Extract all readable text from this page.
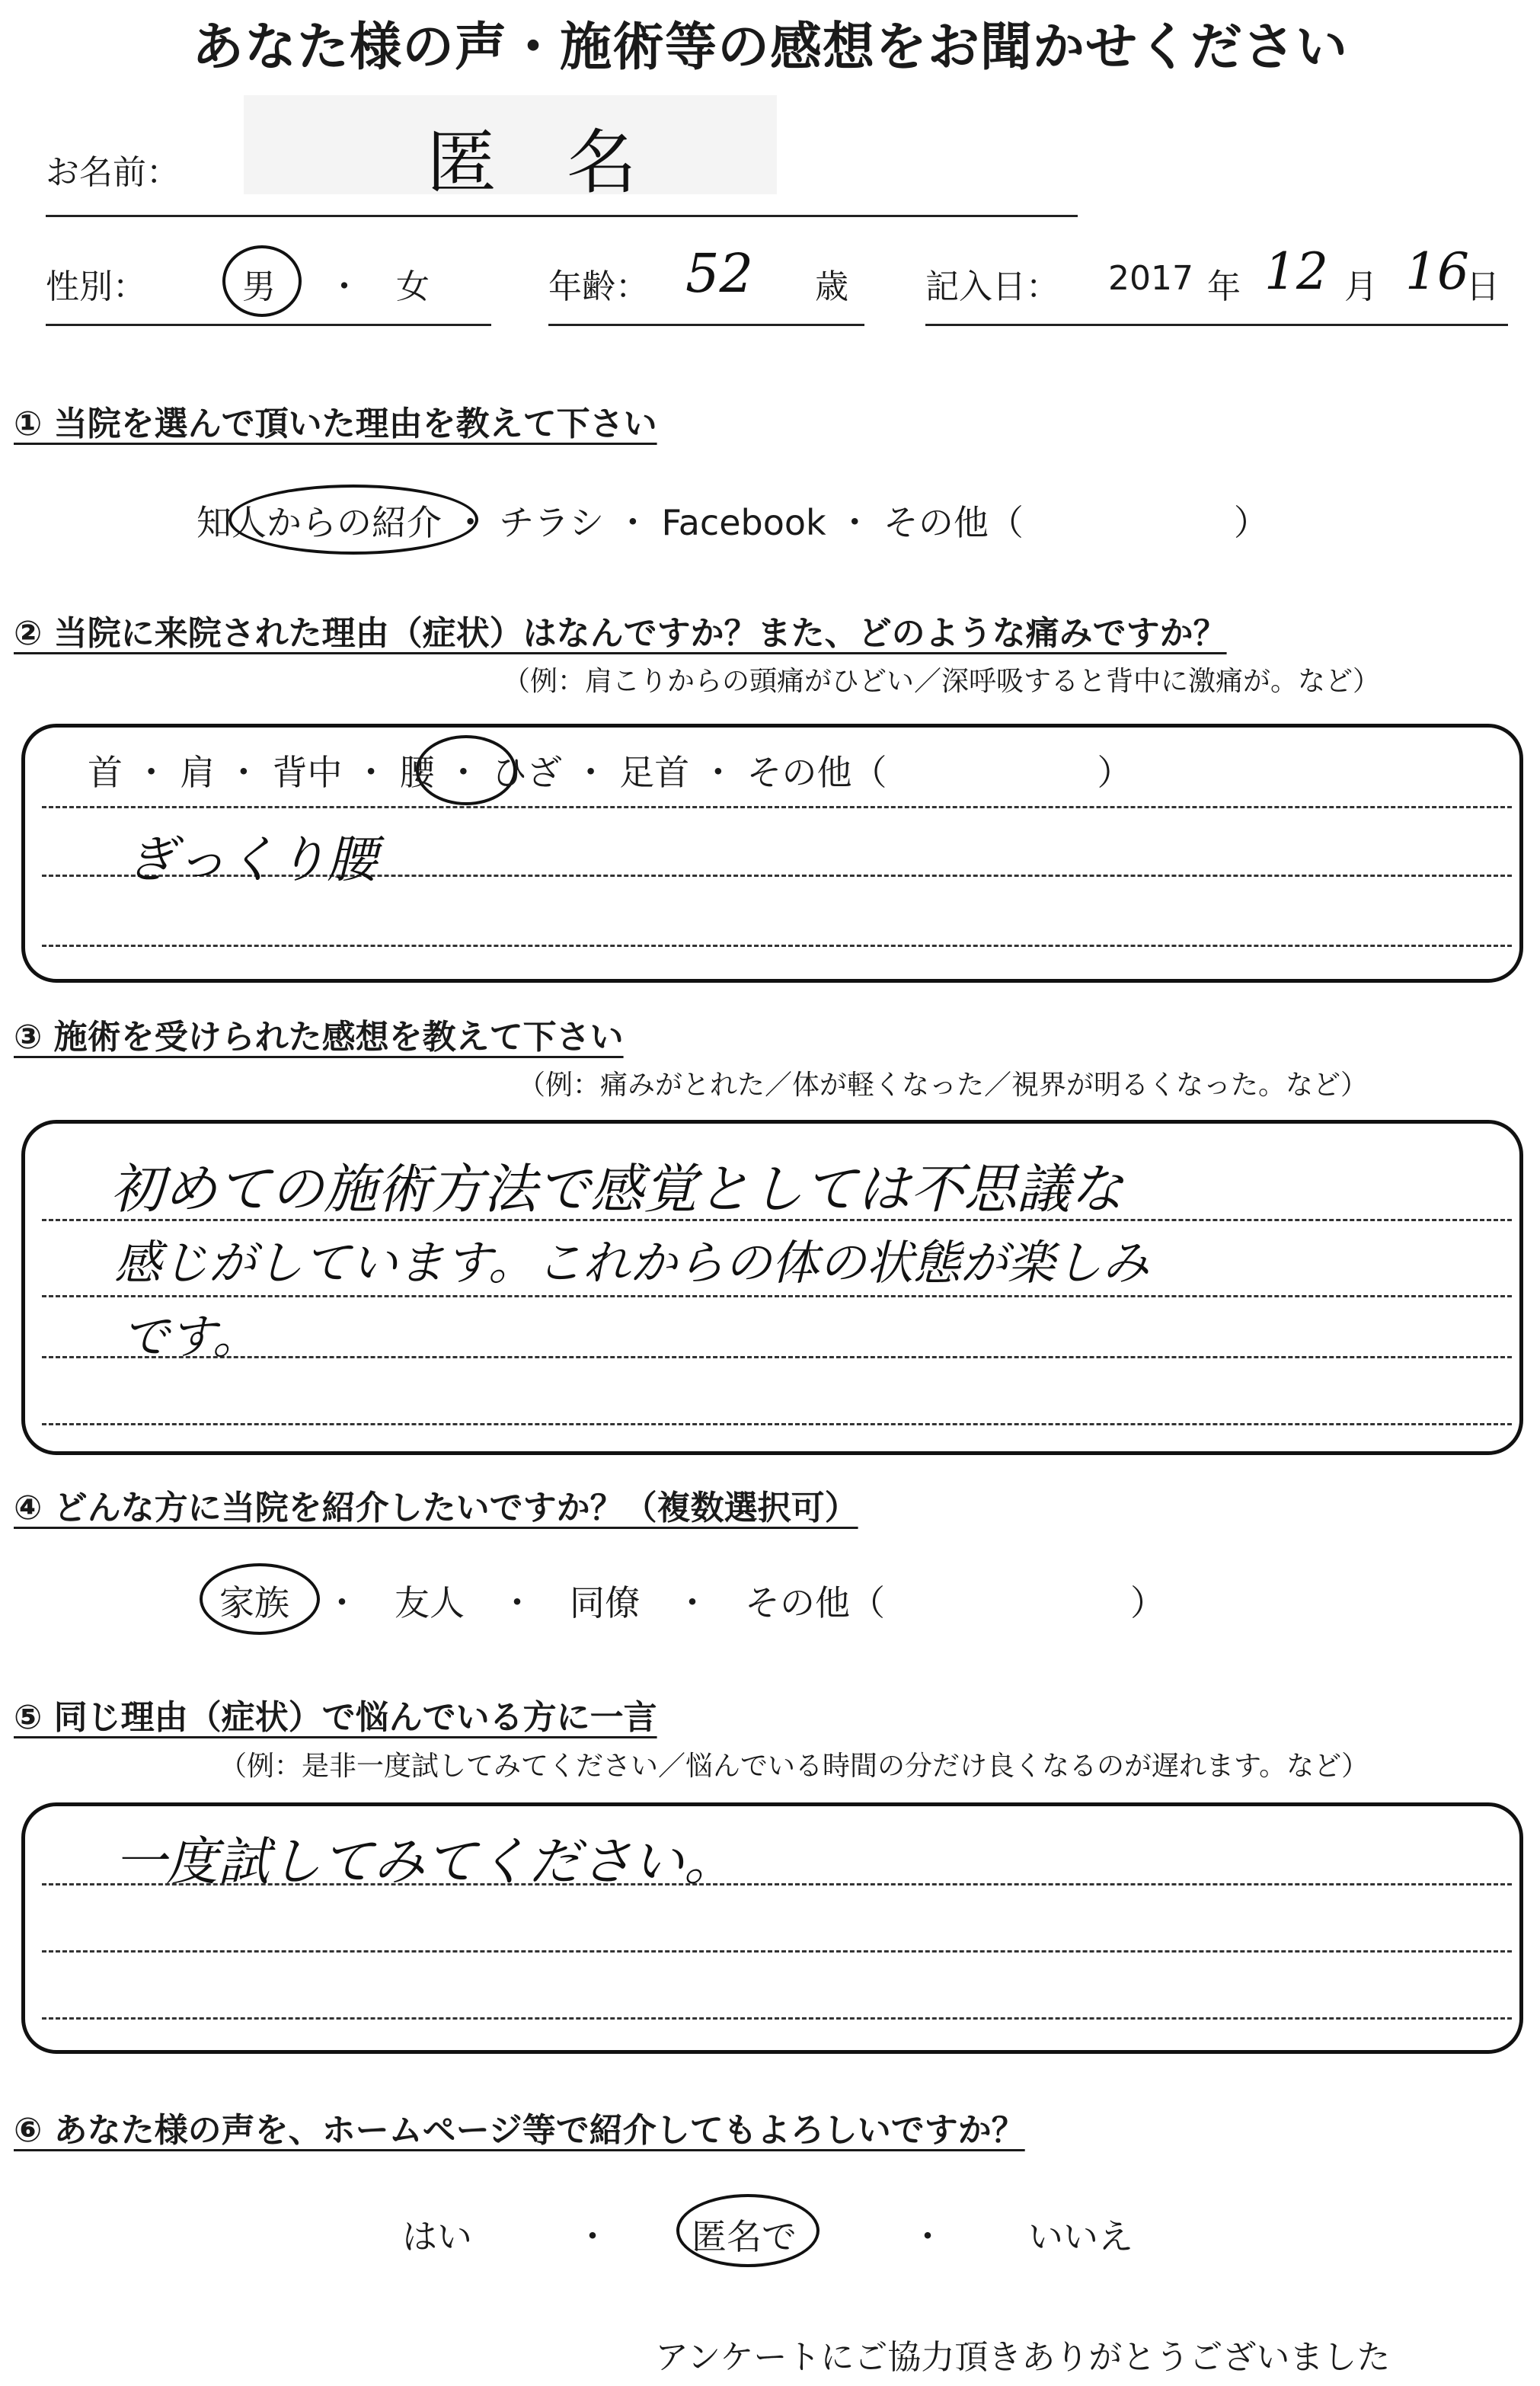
あなた様の声・施術等の感想をお聞かせください
お名前：	匿　名
性別：	男 ・ 女	年齢： 52 歳 記入日： 2017 年 12 月 16
日
① 当院を選んで頂いた理由を教えて下さい
知人からの紹介 ・ チラシ ・ Facebook ・ その他（　　　　　　）
② 当院に来院された理由（症状）はなんですか？また、どのような痛みですか？
（例：肩こりからの頭痛がひどい／深呼吸すると背中に激痛が。など）
首 ・ 肩 ・ 背中 ・ 腰 ・ ひざ ・ 足首 ・ その他（　　　　　　）
ぎっくり腰
③ 施術を受けられた感想を教えて下さい
（例：痛みがとれた／体が軽くなった／視界が明るくなった。など）
初めての施術方法で感覚としては不思議な
感じがしています。これからの体の状態が楽しみ
です。
④ どんな方に当院を紹介したいですか？（複数選択可）
家族　・　友人　・　同僚　・　その他（　　　　　　　）
⑤ 同じ理由（症状）で悩んでいる方に一言
（例：是非一度試してみてください／悩んでいる時間の分だけ良くなるのが遅れます。など）
一度試してみてください。
⑥ あなた様の声を、ホームページ等で紹介してもよろしいですか？
はい	・ 匿名で	・ いいえ
アンケートにご協力頂きありがとうございました
